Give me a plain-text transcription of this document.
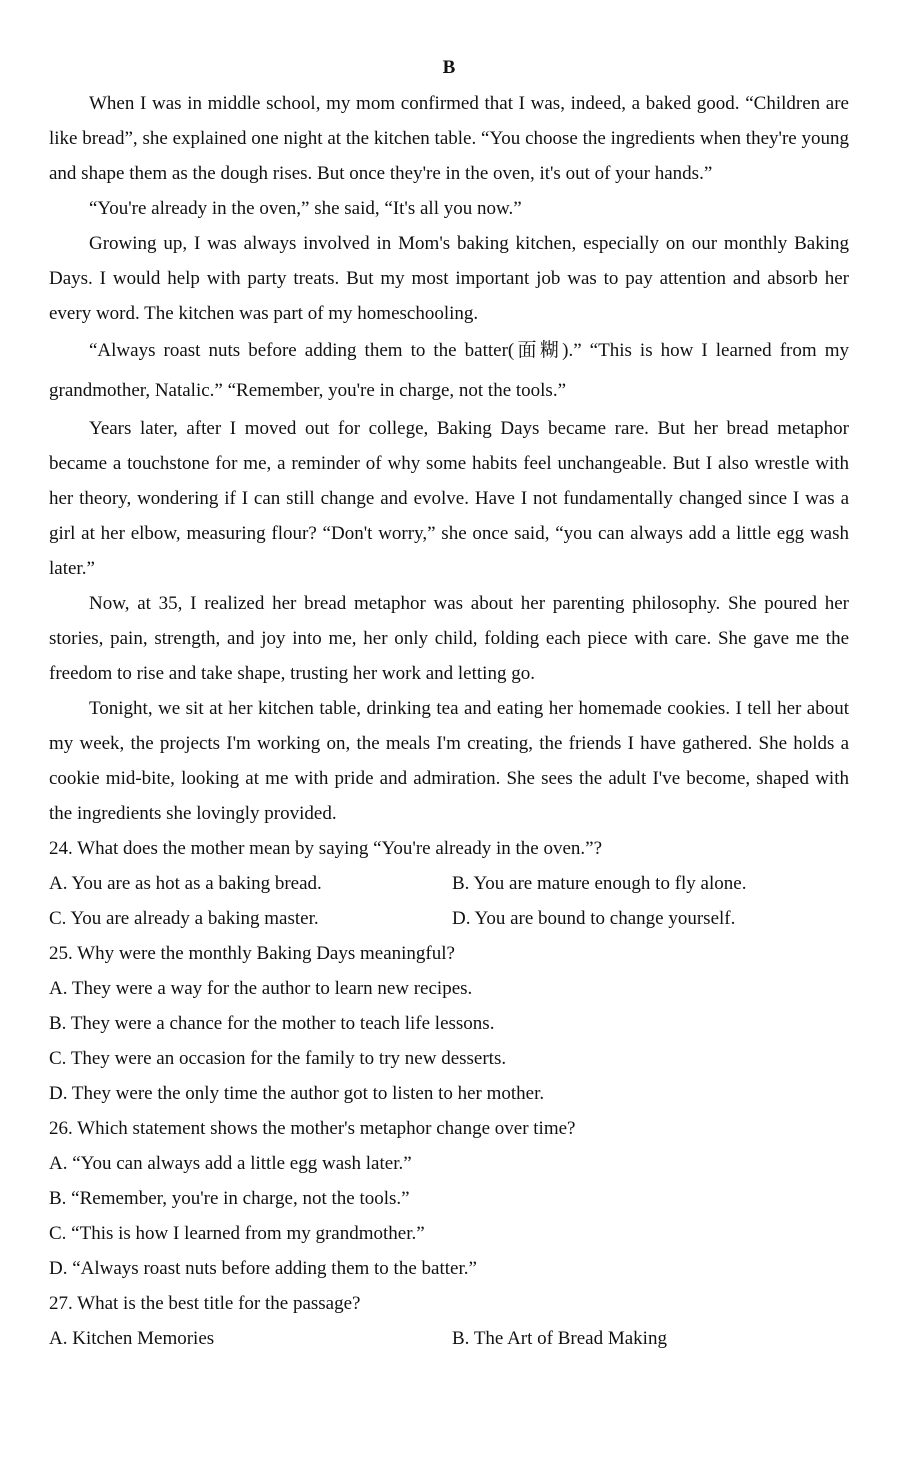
B

When I was in middle school, my mom confirmed that I was, indeed, a baked good. “Children are like bread”, she explained one night at the kitchen table. “You choose the ingredients when they're young and shape them as the dough rises. But once they're in the oven, it's out of your hands.”

“You're already in the oven,” she said, “It's all you now.”

Growing up, I was always involved in Mom's baking kitchen, especially on our monthly Baking Days. I would help with party treats. But my most important job was to pay attention and absorb her every word. The kitchen was part of my homeschooling.

“Always roast nuts before adding them to the batter(面糊).” “This is how I learned from my grandmother, Natalic.” “Remember, you're in charge, not the tools.”

Years later, after I moved out for college, Baking Days became rare. But her bread metaphor became a touchstone for me, a reminder of why some habits feel unchangeable. But I also wrestle with her theory, wondering if I can still change and evolve. Have I not fundamentally changed since I was a girl at her elbow, measuring flour? “Don't worry,” she once said, “you can always add a little egg wash later.”

Now, at 35, I realized her bread metaphor was about her parenting philosophy. She poured her stories, pain, strength, and joy into me, her only child, folding each piece with care. She gave me the freedom to rise and take shape, trusting her work and letting go.

Tonight, we sit at her kitchen table, drinking tea and eating her homemade cookies. I tell her about my week, the projects I'm working on, the meals I'm creating, the friends I have gathered. She holds a cookie mid-bite, looking at me with pride and admiration. She sees the adult I've become, shaped with the ingredients she lovingly provided.

24. What does the mother mean by saying “You're already in the oven.”?

A. You are as hot as a baking bread.	B. You are mature enough to fly alone.
C. You are already a baking master.	D. You are bound to change yourself.

25. Why were the monthly Baking Days meaningful?

A. They were a way for the author to learn new recipes.

B. They were a chance for the mother to teach life lessons.

C. They were an occasion for the family to try new desserts.

D. They were the only time the author got to listen to her mother.

26. Which statement shows the mother's metaphor change over time?

A. “You can always add a little egg wash later.”

B. “Remember, you're in charge, not the tools.”

C. “This is how I learned from my grandmother.”

D. “Always roast nuts before adding them to the batter.”

27. What is the best title for the passage?

A. Kitchen Memories	B. The Art of Bread Making
